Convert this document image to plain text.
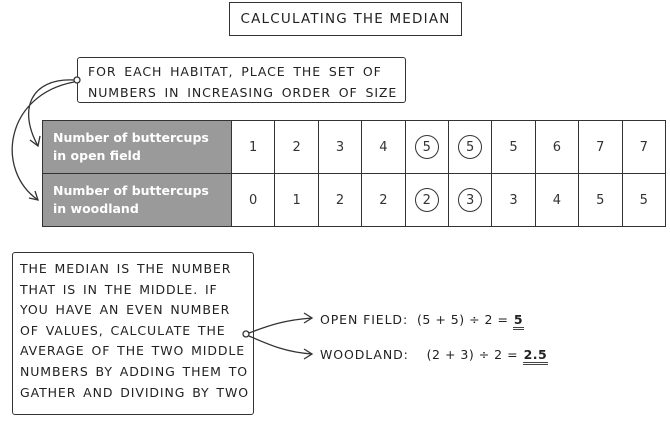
CALCULATING THE MEDIAN
FOR EACH HABITAT, PLACE THE SET OF NUMBERS IN INCREASING ORDER OF SIZE
Number of buttercups
in open field	1	2	3	4	5	5	5	6	7	7
Number of buttercups
in woodland	0	1	2	2	2	3	3	4	5	5
THE MEDIAN IS THE NUMBER THAT IS IN THE MIDDLE. IF YOU HAVE AN EVEN NUMBER OF VALUES, CALCULATE THE AVERAGE OF THE TWO MIDDLE NUMBERS BY ADDING THEM TO GATHER AND DIVIDING BY TWO
OPEN FIELD: (5 + 5) ÷ 2 = 5
WOODLAND: (2 + 3) ÷ 2 = 2.5
